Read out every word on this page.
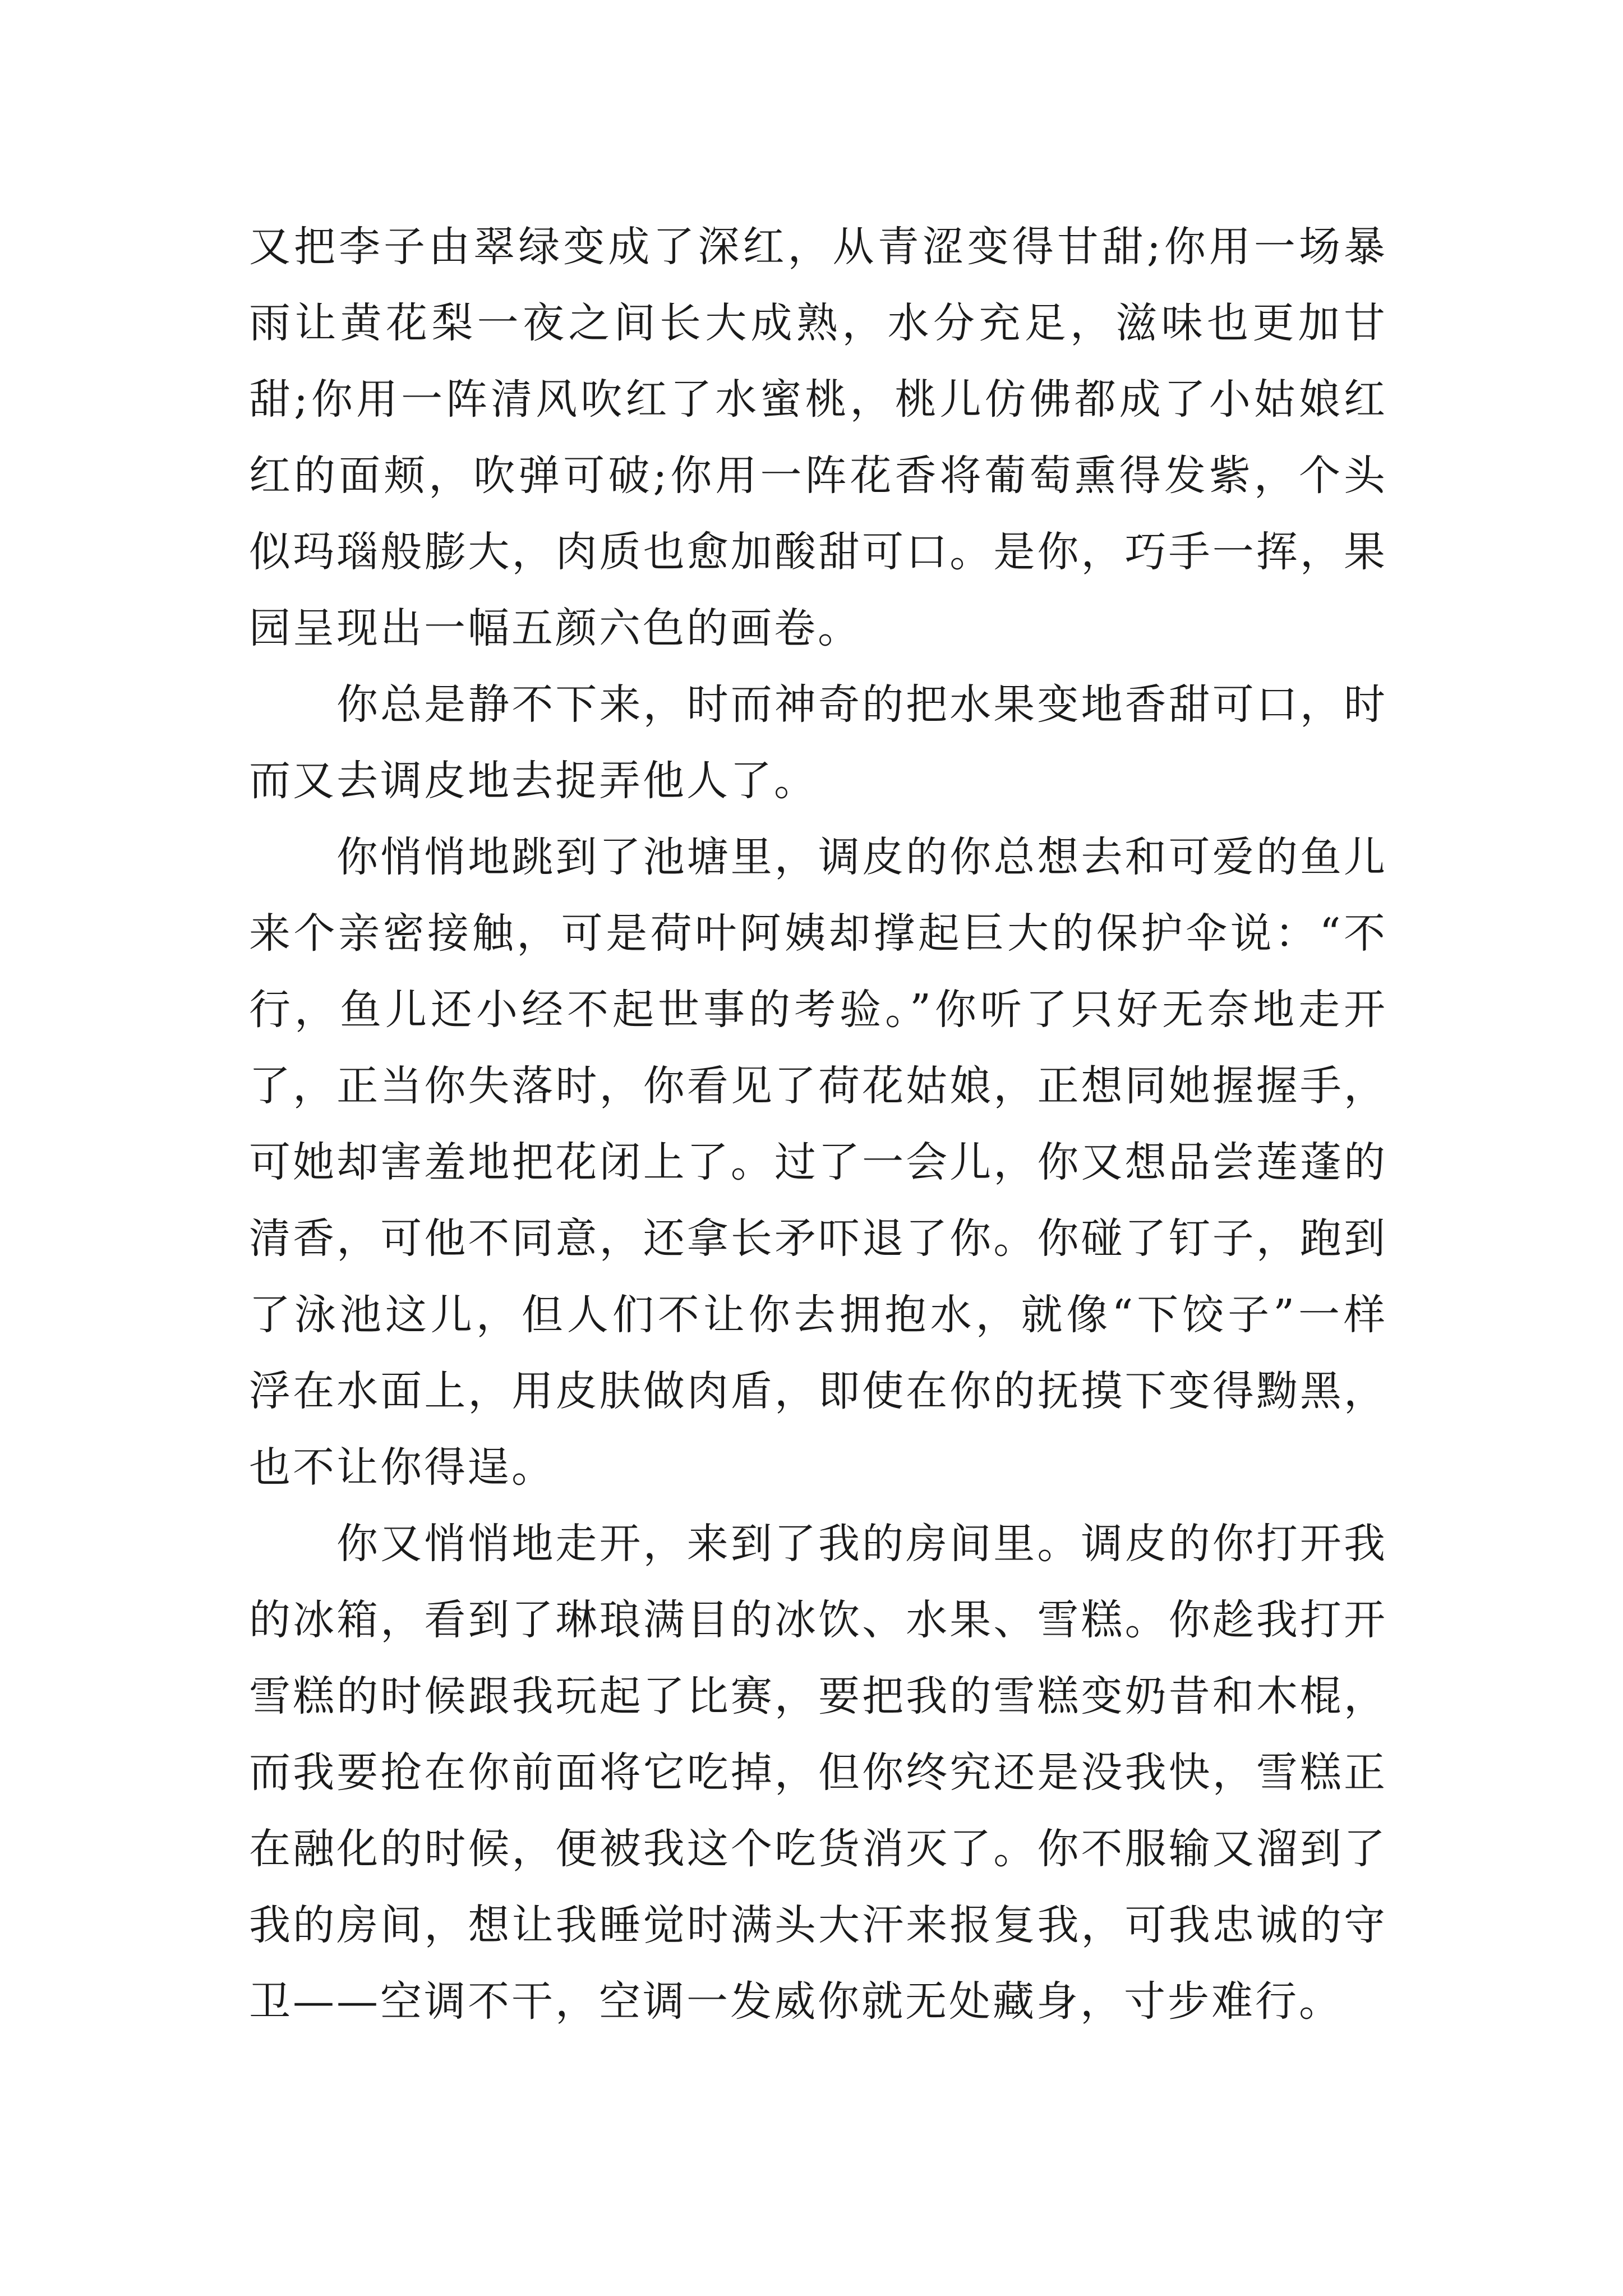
又把李子由翠绿变成了深红，从青涩变得甘甜;你用一场暴雨让黄花梨一夜之间长大成熟，水分充足，滋味也更加甘甜;你用一阵清风吹红了水蜜桃，桃儿仿佛都成了小姑娘红红的面颊，吹弹可破;你用一阵花香将葡萄熏得发紫，个头似玛瑙般膨大，肉质也愈加酸甜可口。是你，巧手一挥，果园呈现出一幅五颜六色的画卷。

你总是静不下来，时而神奇的把水果变地香甜可口，时而又去调皮地去捉弄他人了。

你悄悄地跳到了池塘里，调皮的你总想去和可爱的鱼儿来个亲密接触，可是荷叶阿姨却撑起巨大的保护伞说：“不行，鱼儿还小经不起世事的考验。”你听了只好无奈地走开了，正当你失落时，你看见了荷花姑娘，正想同她握握手，可她却害羞地把花闭上了。过了一会儿，你又想品尝莲蓬的清香，可他不同意，还拿长矛吓退了你。你碰了钉子，跑到了泳池这儿，但人们不让你去拥抱水，就像“下饺子”一样浮在水面上，用皮肤做肉盾，即使在你的抚摸下变得黝黑，也不让你得逞。

你又悄悄地走开，来到了我的房间里。调皮的你打开我的冰箱，看到了琳琅满目的冰饮、水果、雪糕。你趁我打开雪糕的时候跟我玩起了比赛，要把我的雪糕变奶昔和木棍，而我要抢在你前面将它吃掉，但你终究还是没我快，雪糕正在融化的时候，便被我这个吃货消灭了。你不服输又溜到了我的房间，想让我睡觉时满头大汗来报复我，可我忠诚的守卫——空调不干，空调一发威你就无处藏身，寸步难行。
